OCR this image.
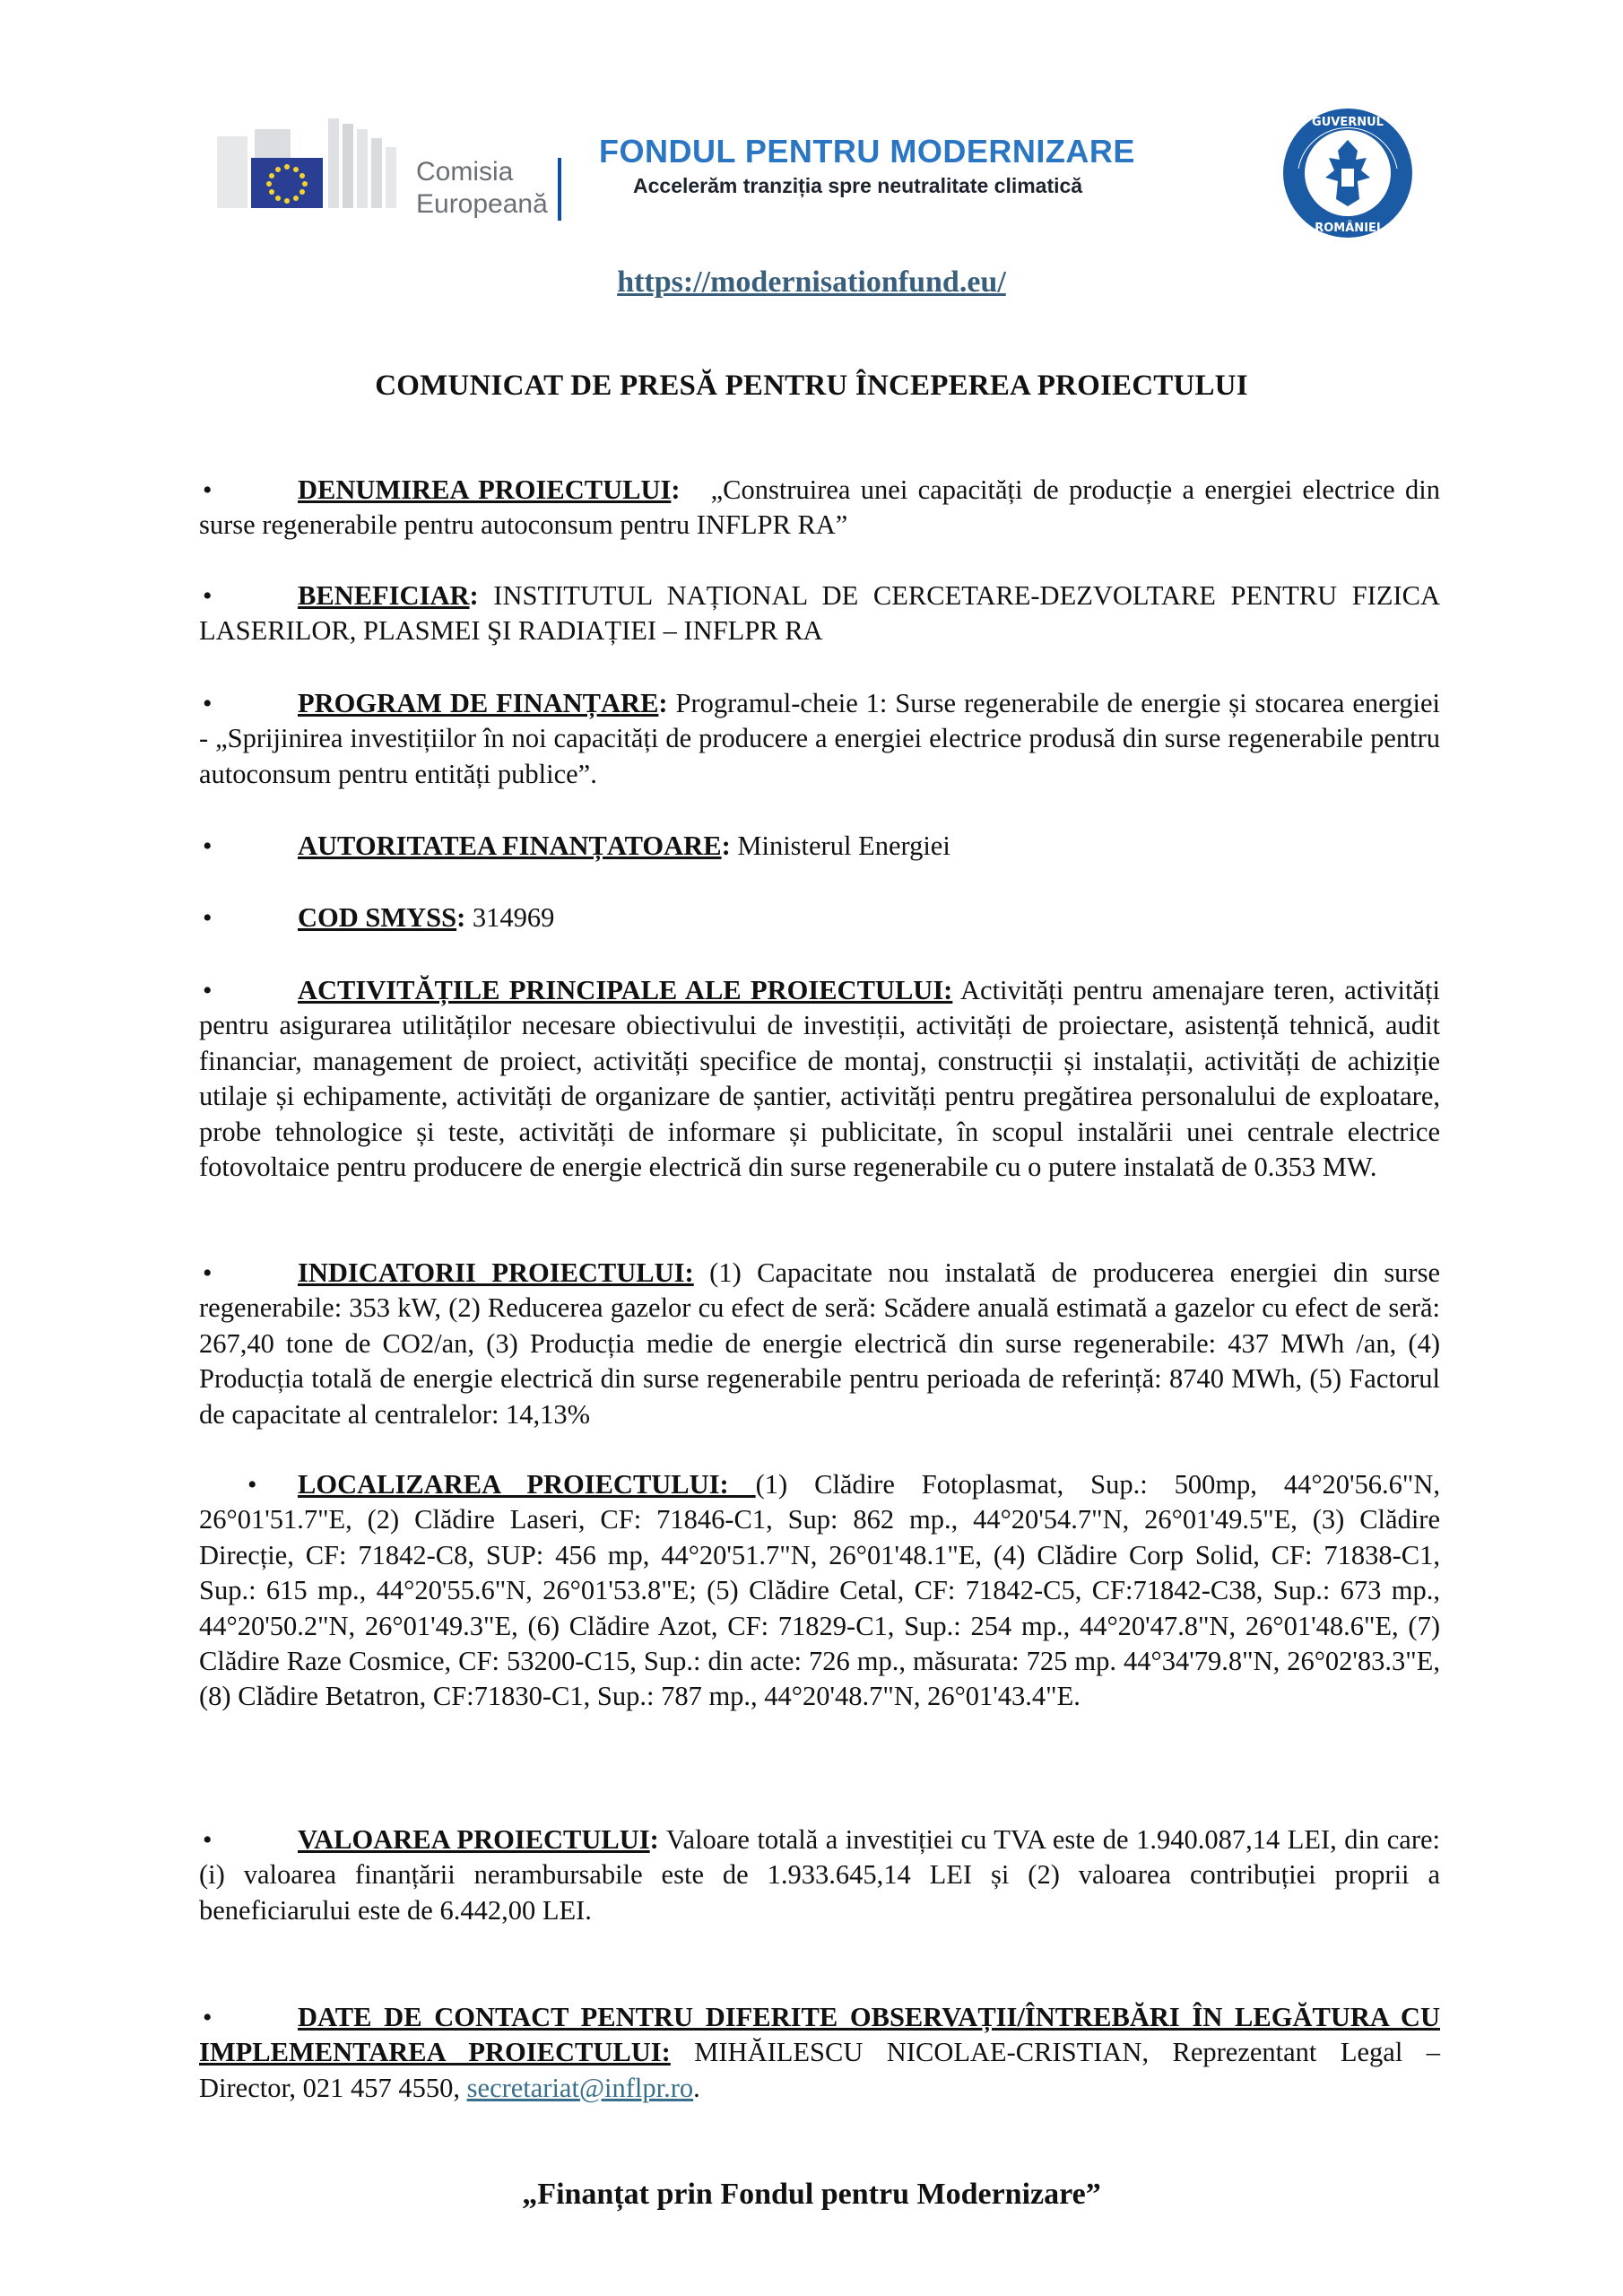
Comisia
Europeană
FONDUL PENTRU MODERNIZARE
Accelerăm tranziția spre neutralitate climatică
GUVERNUL
ROMÂNIEI
https://modernisationfund.eu/
COMUNICAT DE PRESĂ PENTRU ÎNCEPEREA PROIECTULUI
•	DENUMIREA PROIECTULUI: „Construirea unei capacități de producție a energiei electrice din surse regenerabile pentru autoconsum pentru INFLPR RA”
•	BENEFICIAR: INSTITUTUL NAȚIONAL DE CERCETARE-DEZVOLTARE PENTRU FIZICA LASERILOR, PLASMEI ŞI RADIAȚIEI – INFLPR RA
•	PROGRAM DE FINANȚARE: Programul-cheie 1: Surse regenerabile de energie și stocarea energiei - „Sprijinirea investițiilor în noi capacități de producere a energiei electrice produsă din surse regenerabile pentru autoconsum pentru entități publice”.
•	AUTORITATEA FINANȚATOARE: Ministerul Energiei
•	COD SMYSS: 314969
•	ACTIVITĂȚILE PRINCIPALE ALE PROIECTULUI: Activități pentru amenajare teren, activități pentru asigurarea utilităților necesare obiectivului de investiții, activități de proiectare, asistență tehnică, audit financiar, management de proiect, activități specifice de montaj, construcții și instalații, activități de achiziție utilaje și echipamente, activități de organizare de șantier, activități pentru pregătirea personalului de exploatare, probe tehnologice și teste, activități de informare și publicitate, în scopul instalării unei centrale electrice fotovoltaice pentru producere de energie electrică din surse regenerabile cu o putere instalată de 0.353 MW.
•	INDICATORII PROIECTULUI: (1) Capacitate nou instalată de producerea energiei din surse regenerabile: 353 kW, (2) Reducerea gazelor cu efect de seră: Scădere anuală estimată a gazelor cu efect de seră: 267,40 tone de CO2/an, (3) Producția medie de energie electrică din surse regenerabile: 437 MWh /an, (4) Producția totală de energie electrică din surse regenerabile pentru perioada de referință: 8740 MWh, (5) Factorul de capacitate al centralelor: 14,13%
• LOCALIZAREA PROIECTULUI: (1) Clădire Fotoplasmat, Sup.: 500mp, 44°20'56.6"N, 26°01'51.7"E, (2) Clădire Laseri, CF: 71846-C1, Sup: 862 mp., 44°20'54.7"N, 26°01'49.5"E, (3) Clădire Direcție, CF: 71842-C8, SUP: 456 mp, 44°20'51.7"N, 26°01'48.1"E, (4) Clădire Corp Solid, CF: 71838-C1, Sup.: 615 mp., 44°20'55.6"N, 26°01'53.8"E; (5) Clădire Cetal, CF: 71842-C5, CF:71842-C38, Sup.: 673 mp., 44°20'50.2"N, 26°01'49.3"E, (6) Clădire Azot, CF: 71829-C1, Sup.: 254 mp., 44°20'47.8"N, 26°01'48.6"E, (7) Clădire Raze Cosmice, CF: 53200-C15, Sup.: din acte: 726 mp., măsurata: 725 mp. 44°34'79.8"N, 26°02'83.3"E, (8) Clădire Betatron, CF:71830-C1, Sup.: 787 mp., 44°20'48.7"N, 26°01'43.4"E.
•	VALOAREA PROIECTULUI: Valoare totală a investiției cu TVA este de 1.940.087,14 LEI, din care: (i) valoarea finanțării nerambursabile este de 1.933.645,14 LEI și (2) valoarea contribuției proprii a beneficiarului este de 6.442,00 LEI.
•	DATE DE CONTACT PENTRU DIFERITE OBSERVAȚII/ÎNTREBĂRI ÎN LEGĂTURA CU IMPLEMENTAREA PROIECTULUI: MIHĂILESCU NICOLAE-CRISTIAN, Reprezentant Legal – Director, 021 457 4550, secretariat@inflpr.ro.
„Finanțat prin Fondul pentru Modernizare”
